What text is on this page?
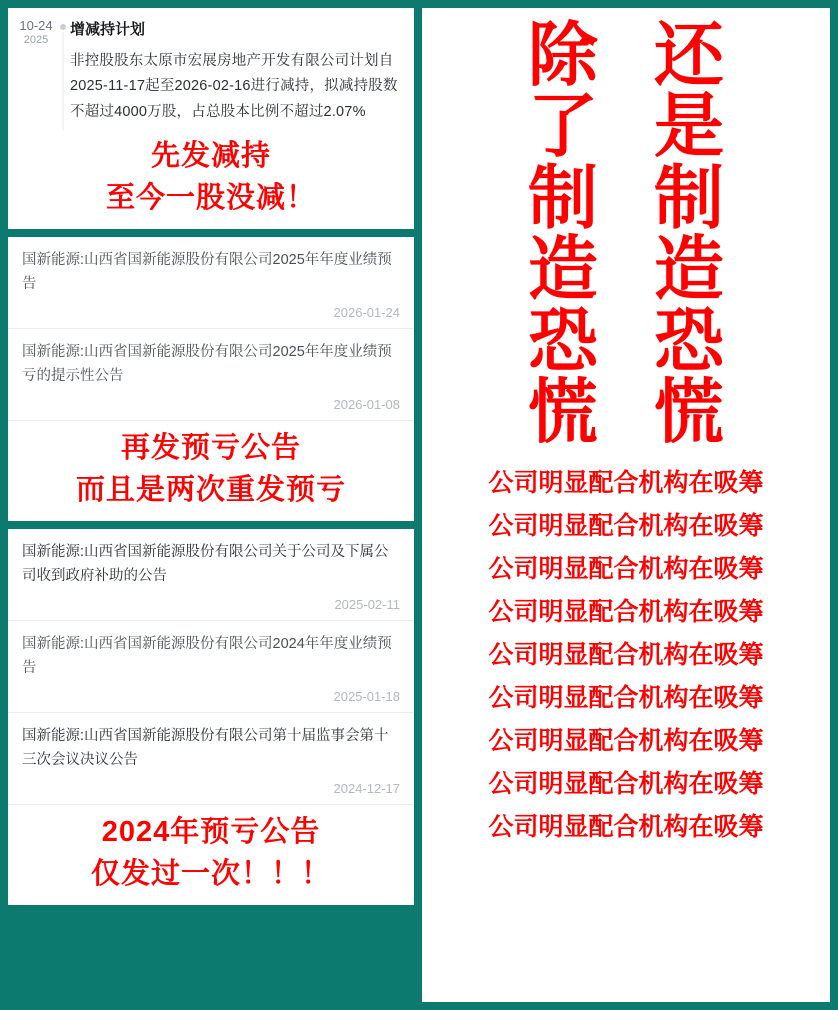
10-24
2025
增减持计划
非控股股东太原市宏展房地产开发有限公司计划自2025-11-17起至2026-02-16进行减持，拟减持股数不超过4000万股，占总股本比例不超过2.07%
先发减持
至今一股没减！
国新能源:山西省国新能源股份有限公司2025年年度业绩预告
2026-01-24
国新能源:山西省国新能源股份有限公司2025年年度业绩预亏的提示性公告
2026-01-08
再发预亏公告
而且是两次重发预亏
国新能源:山西省国新能源股份有限公司关于公司及下属公司收到政府补助的公告
2025-02-11
国新能源:山西省国新能源股份有限公司2024年年度业绩预告
2025-01-18
国新能源:山西省国新能源股份有限公司第十届监事会第十三次会议决议公告
2024-12-17
2024年预亏公告
仅发过一次！！！
除
了
制
造
恐
慌
还
是
制
造
恐
慌
公司明显配合机构在吸筹
公司明显配合机构在吸筹
公司明显配合机构在吸筹
公司明显配合机构在吸筹
公司明显配合机构在吸筹
公司明显配合机构在吸筹
公司明显配合机构在吸筹
公司明显配合机构在吸筹
公司明显配合机构在吸筹
